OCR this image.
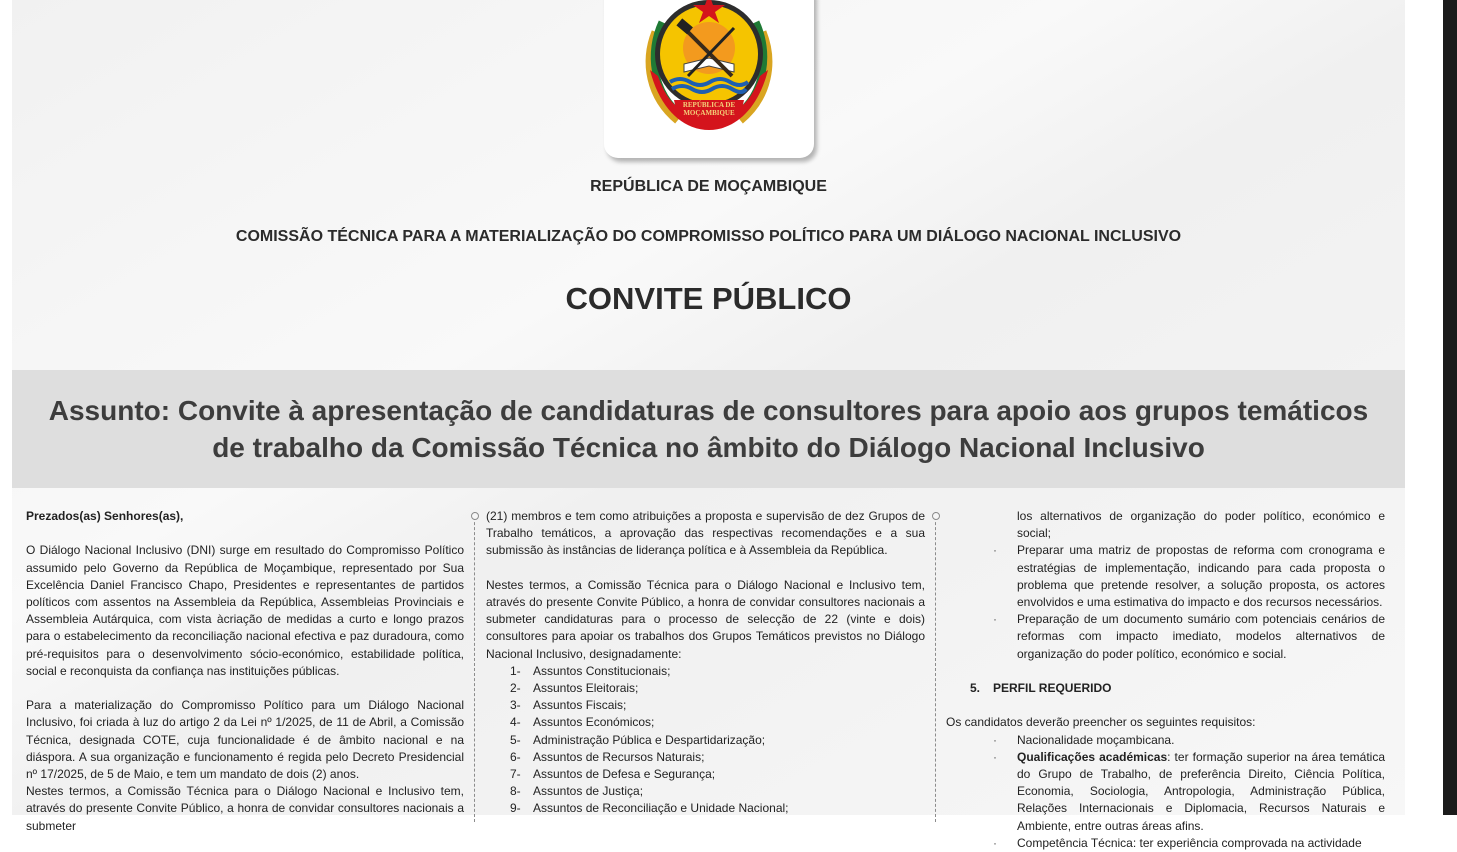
REPÚBLICA DE
MOÇAMBIQUE

REPÚBLICA DE MOÇAMBIQUE

COMISSÃO TÉCNICA PARA A MATERIALIZAÇÃO DO COMPROMISSO POLÍTICO PARA UM DIÁLOGO NACIONAL INCLUSIVO

CONVITE PÚBLICO
Assunto: Convite à apresentação de candidaturas de consultores para apoio aos grupos temáticos de trabalho da Comissão Técnica no âmbito do Diálogo Nacional Inclusivo

Prezados(as) Senhores(as),

O Diálogo Nacional Inclusivo (DNI) surge em resultado do Compromisso Político assumido pelo Governo da República de Moçambique, representado por Sua Excelência Daniel Francisco Chapo, Presidentes e representantes de partidos políticos com assentos na Assembleia da República, Assembleias Provinciais e Assembleia Autárquica, com vista àcriação de medidas a curto e longo prazos para o estabelecimento da reconciliação nacional efectiva e paz duradoura, como pré-requisitos para o desenvolvimento sócio-económico, estabilidade política, social e reconquista da confiança nas instituições públicas.

Para a materialização do Compromisso Político para um Diálogo Nacional Inclusivo, foi criada à luz do artigo 2 da Lei nº 1/2025, de 11 de Abril, a Comissão Técnica, designada COTE, cuja funcionalidade é de âmbito nacional e na diáspora. A sua organização e funcionamento é regida pelo Decreto Presidencial nº 17/2025, de 5 de Maio, e tem um mandato de dois (2) anos.

Nestes termos, a Comissão Técnica para o Diálogo Nacional e Inclusivo tem, através do presente Convite Público, a honra de convidar consultores nacionais a submeter

(21) membros e tem como atribuições a proposta e supervisão de dez Grupos de Trabalho temáticos, a aprovação das respectivas recomendações e a sua submissão às instâncias de liderança política e à Assembleia da República.

Nestes termos, a Comissão Técnica para o Diálogo Nacional e Inclusivo tem, através do presente Convite Público, a honra de convidar consultores nacionais a submeter candidaturas para o processo de selecção de 22 (vinte e dois) consultores para apoiar os trabalhos dos Grupos Temáticos previstos no Diálogo Nacional Inclusivo, designadamente:

1- Assuntos Constitucionais;
2- Assuntos Eleitorais;
3- Assuntos Fiscais;
4- Assuntos Económicos;
5- Administração Pública e Despartidarização;
6- Assuntos de Recursos Naturais;
7- Assuntos de Defesa e Segurança;
8- Assuntos de Justiça;
9- Assuntos de Reconciliação e Unidade Nacional;
los alternativos de organização do poder político, económico e social;
· Preparar uma matriz de propostas de reforma com cronograma e estratégias de implementação, indicando para cada proposta o problema que pretende resolver, a solução proposta, os actores envolvidos e uma estimativa do impacto e dos recursos necessários.
· Preparação de um documento sumário com potenciais cenários de reformas com impacto imediato, modelos alternativos de organização do poder político, económico e social.

5. PERFIL REQUERIDO

Os candidatos deverão preencher os seguintes requisitos:

· Nacionalidade moçambicana.
· Qualificações académicas: ter formação superior na área temática do Grupo de Trabalho, de preferência Direito, Ciência Política, Economia, Sociologia, Antropologia, Administração Pública, Relações Internacionais e Diplomacia, Recursos Naturais e Ambiente, entre outras áreas afins.
· Competência Técnica: ter experiência comprovada na actividade
